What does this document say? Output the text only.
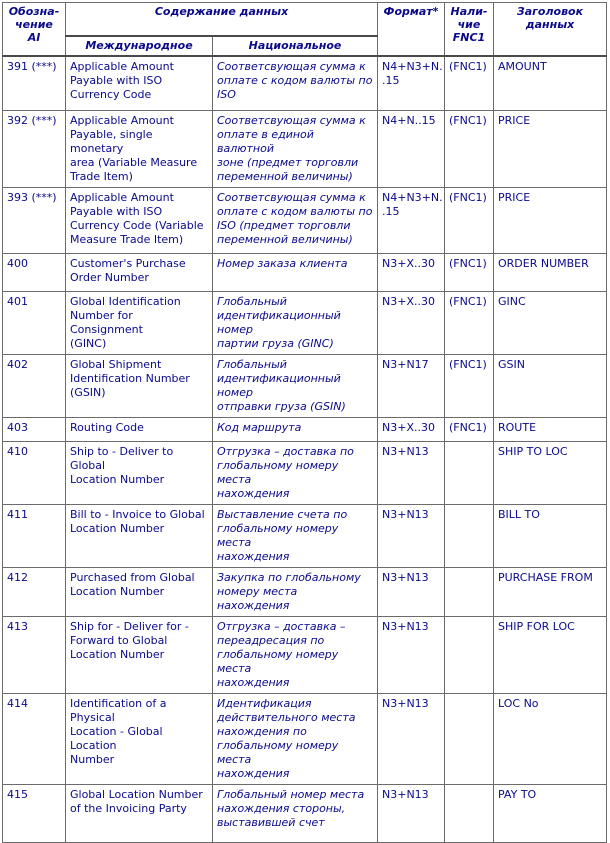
Обозна-
чение
AI	Содержание данных		Формат*	Нали-
чие
FNC1	Заголовок
данных
	Международное	Национальное			
391 (***)	Applicable Amount
Payable with ISO
Currency Code	Соответсвующая сумма к
оплате с кодом валюты по
ISO	N4+N3+N.
.15	(FNC1)	AMOUNT
392 (***)	Applicable Amount
Payable, single monetary
area (Variable Measure
Trade Item)	Соответсвующая сумма к
оплате в единой валютной
зоне (предмет торговли
переменной величины)	N4+N..15	(FNC1)	PRICE
393 (***)	Applicable Amount
Payable with ISO
Currency Code (Variable
Measure Trade Item)	Соответсвующая сумма к
оплате с кодом валюты по
ISO (предмет торговли
переменной величины)	N4+N3+N.
.15	(FNC1)	PRICE
400	Customer's Purchase
Order Number	Номер заказа клиента	N3+X..30	(FNC1)	ORDER NUMBER
401	Global Identification
Number for Consignment
(GINC)	Глобальный
идентификационный номер
партии груза (GINC)	N3+X..30	(FNC1)	GINC
402	Global Shipment
Identification Number
(GSIN)	Глобальный
идентификационный номер
отправки груза (GSIN)	N3+N17	(FNC1)	GSIN
403	Routing Code	Код маршрута	N3+X..30	(FNC1)	ROUTE
410	Ship to - Deliver to Global
Location Number	Отгрузка – доставка по
глобальному номеру места
нахождения	N3+N13		SHIP TO LOC
411	Bill to - Invoice to Global
Location Number	Выставление счета по
глобальному номеру места
нахождения	N3+N13		BILL TO
412	Purchased from Global
Location Number	Закупка по глобальному
номеру места нахождения	N3+N13		PURCHASE FROM
413	Ship for - Deliver for -
Forward to Global
Location Number	Отгрузка – доставка –
переадресация по
глобальному номеру места
нахождения	N3+N13		SHIP FOR LOC
414	Identification of a Physical
Location - Global Location
Number	Идентификация
действительного места
нахождения по
глобальному номеру места
нахождения	N3+N13		LOC No
415	Global Location Number
of the Invoicing Party	Глобальный номер места
нахождения стороны,
выставившей счет	N3+N13		PAY TO
